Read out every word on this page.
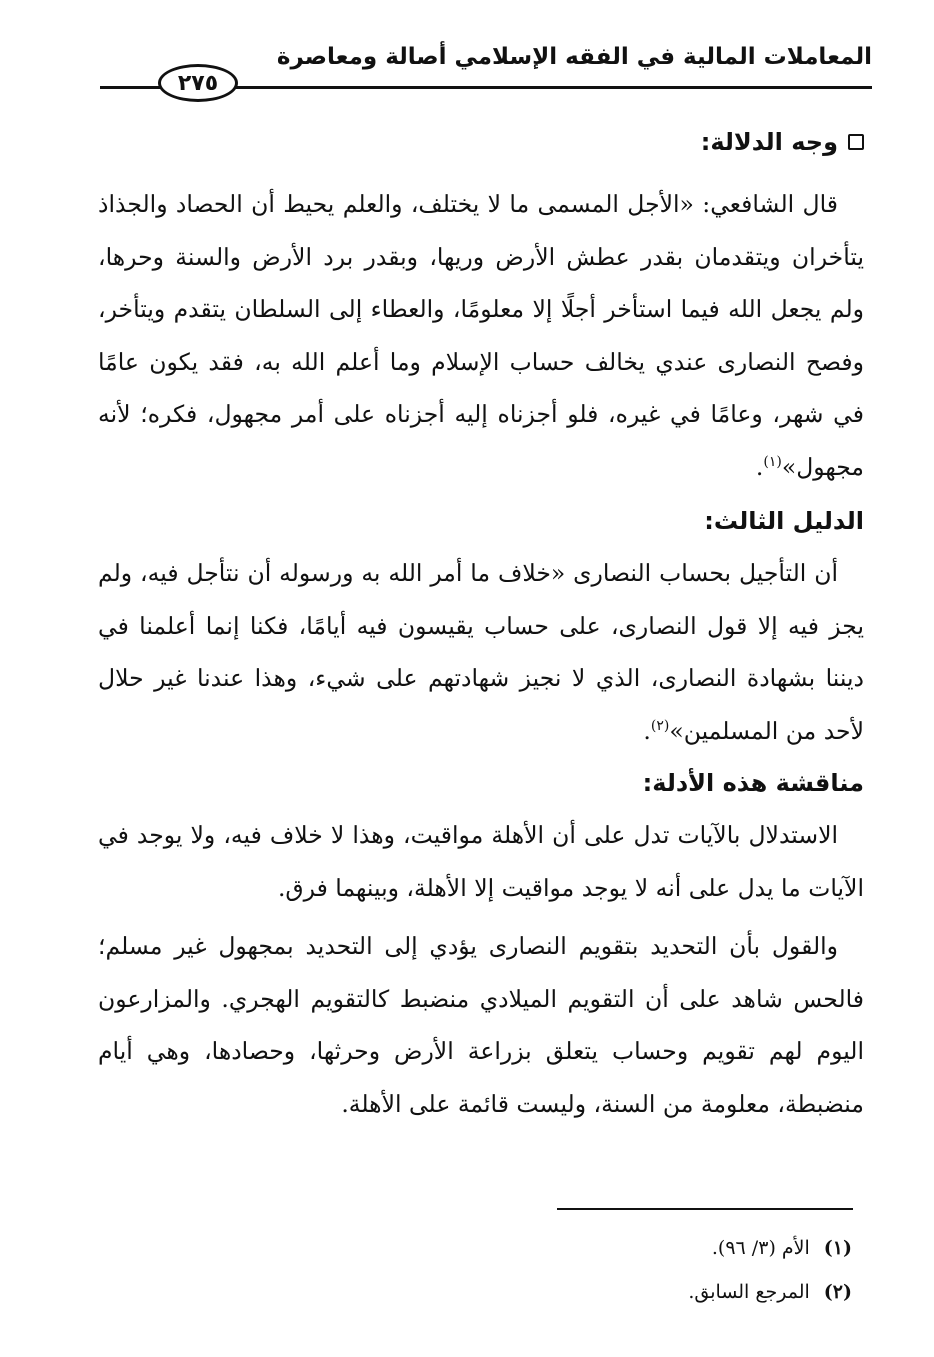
المعاملات المالية في الفقه الإسلامي أصالة ومعاصرة
٢٧٥
وجه الدلالة:

قال الشافعي: «الأجل المسمى ما لا يختلف، والعلم يحيط أن الحصاد والجذاذ يتأخران ويتقدمان بقدر عطش الأرض وريها، وبقدر برد الأرض والسنة وحرها، ولم يجعل الله فيما استأخر أجلًا إلا معلومًا، والعطاء إلى السلطان يتقدم ويتأخر، وفصح النصارى عندي يخالف حساب الإسلام وما أعلم الله به، فقد يكون عامًا في شهر، وعامًا في غيره، فلو أجزناه إليه أجزناه على أمر مجهول، فكره؛ لأنه مجهول»$^{(١)}$.

الدليل الثالث:

أن التأجيل بحساب النصارى «خلاف ما أمر الله به ورسوله أن نتأجل فيه، ولم يجز فيه إلا قول النصارى، على حساب يقيسون فيه أيامًا، فكنا إنما أعلمنا في ديننا بشهادة النصارى، الذي لا نجيز شهادتهم على شيء، وهذا عندنا غير حلال لأحد من المسلمين»$^{(٢)}$.

مناقشة هذه الأدلة:

الاستدلال بالآيات تدل على أن الأهلة مواقيت، وهذا لا خلاف فيه، ولا يوجد في الآيات ما يدل على أنه لا يوجد مواقيت إلا الأهلة، وبينهما فرق.

والقول بأن التحديد بتقويم النصارى يؤدي إلى التحديد بمجهول غير مسلم؛ فالحس شاهد على أن التقويم الميلادي منضبط كالتقويم الهجري. والمزارعون اليوم لهم تقويم وحساب يتعلق بزراعة الأرض وحرثها، وحصادها، وهي أيام منضبطة، معلومة من السنة، وليست قائمة على الأهلة.

(١)
الأم (٣/ ٩٦).
(٢)
المرجع السابق.
